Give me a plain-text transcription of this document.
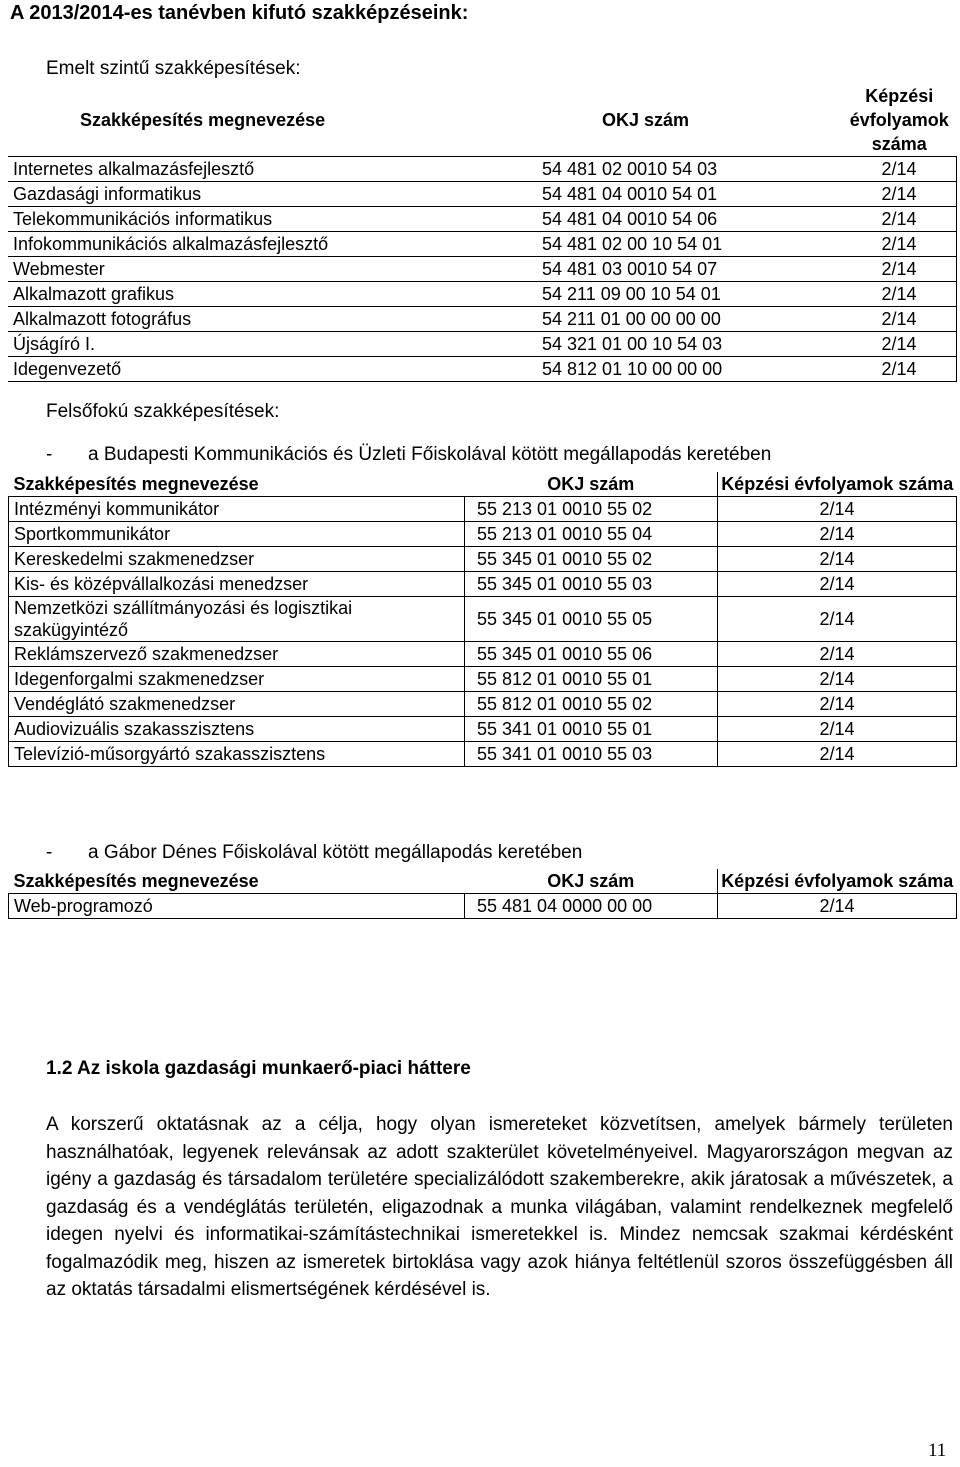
A 2013/2014-es tanévben kifutó szakképzéseink:
Emelt szintű szakképesítések:
Szakképesítés megnevezése	OKJ szám	Képzési évfolyamok száma
Internetes alkalmazásfejlesztő	54 481 02 0010 54 03	2/14
Gazdasági informatikus	54 481 04 0010 54 01	2/14
Telekommunikációs informatikus	54 481 04 0010 54 06	2/14
Infokommunikációs alkalmazásfejlesztő	54 481 02 00 10 54 01	2/14
Webmester	54 481 03 0010 54 07	2/14
Alkalmazott grafikus	54 211 09 00 10 54 01	2/14
Alkalmazott fotográfus	54 211 01 00 00 00 00	2/14
Újságíró I.	54 321 01 00 10 54 03	2/14
Idegenvezető	54 812 01 10 00 00 00	2/14
Felsőfokú szakképesítések:
- a Budapesti Kommunikációs és Üzleti Főiskolával kötött megállapodás keretében
Szakképesítés megnevezése	OKJ szám	Képzési évfolyamok száma
Intézményi kommunikátor	55 213 01 0010 55 02	2/14
Sportkommunikátor	55 213 01 0010 55 04	2/14
Kereskedelmi szakmenedzser	55 345 01 0010 55 02	2/14
Kis- és középvállalkozási menedzser	55 345 01 0010 55 03	2/14
Nemzetközi szállítmányozási és logisztikai szakügyintéző	55 345 01 0010 55 05	2/14
Reklámszervező szakmenedzser	55 345 01 0010 55 06	2/14
Idegenforgalmi szakmenedzser	55 812 01 0010 55 01	2/14
Vendéglátó szakmenedzser	55 812 01 0010 55 02	2/14
Audiovizuális szakasszisztens	55 341 01 0010 55 01	2/14
Televízió-műsorgyártó szakasszisztens	55 341 01 0010 55 03	2/14
- a Gábor Dénes Főiskolával kötött megállapodás keretében
Szakképesítés megnevezése	OKJ szám	Képzési évfolyamok száma
Web-programozó	55 481 04 0000 00 00	2/14
1.2 Az iskola gazdasági munkaerő-piaci háttere

A korszerű oktatásnak az a célja, hogy olyan ismereteket közvetítsen, amelyek bármely területen használhatóak, legyenek relevánsak az adott szakterület követelményeivel. Magyarországon megvan az igény a gazdaság és társadalom területére specializálódott szakemberekre, akik járatosak a művészetek, a gazdaság és a vendéglátás területén, eligazodnak a munka világában, valamint rendelkeznek megfelelő idegen nyelvi és informatikai-számítástechnikai ismeretekkel is. Mindez nemcsak szakmai kérdésként fogalmazódik meg, hiszen az ismeretek birtoklása vagy azok hiánya feltétlenül szoros összefüggésben áll az oktatás társadalmi elismertségének kérdésével is.

11
